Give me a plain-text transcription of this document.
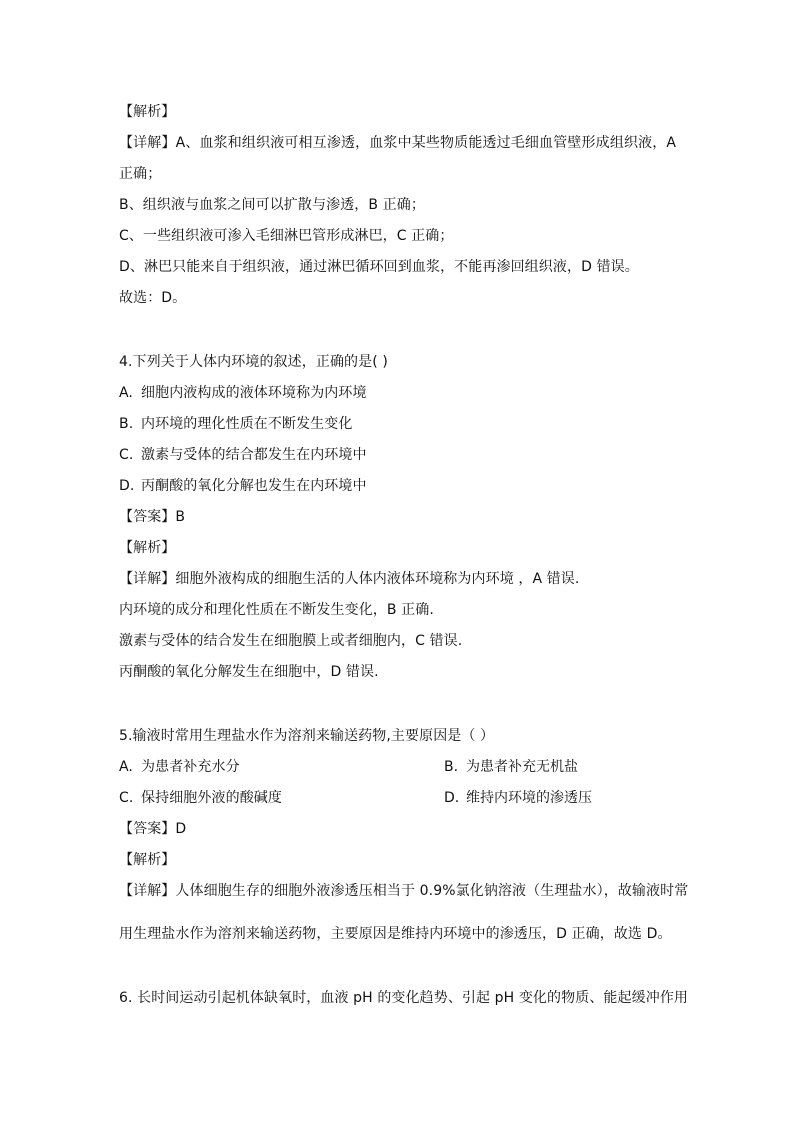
【解析】
【详解】A、血浆和组织液可相互渗透，血浆中某些物质能透过毛细血管壁形成组织液，A
正确；
B、组织液与血浆之间可以扩散与渗透，B 正确；
C、一些组织液可渗入毛细淋巴管形成淋巴，C 正确；
D、淋巴只能来自于组织液，通过淋巴循环回到血浆，不能再渗回组织液，D 错误。
故选：D。
4.下列关于人体内环境的叙述，正确的是( )
A. 细胞内液构成的液体环境称为内环境
B. 内环境的理化性质在不断发生变化
C. 激素与受体的结合都发生在内环境中
D. 丙酮酸的氧化分解也发生在内环境中
【答案】B
【解析】
【详解】细胞外液构成的细胞生活的人体内液体环境称为内环境 ，A 错误.
内环境的成分和理化性质在不断发生变化，B 正确.
激素与受体的结合发生在细胞膜上或者细胞内，C 错误.
丙酮酸的氧化分解发生在细胞中，D 错误.
5.输液时常用生理盐水作为溶剂来输送药物,主要原因是（ ）
A. 为患者补充水分	B. 为患者补充无机盐
C. 保持细胞外液的酸碱度	D. 维持内环境的渗透压
【答案】D
【解析】
【详解】人体细胞生存的细胞外液渗透压相当于 0.9%氯化钠溶液（生理盐水），故输液时常
用生理盐水作为溶剂来输送药物，主要原因是维持内环境中的渗透压，D 正确，故选 D。
6. 长时间运动引起机体缺氧时，血液 pH 的变化趋势、引起 pH 变化的物质、能起缓冲作用
